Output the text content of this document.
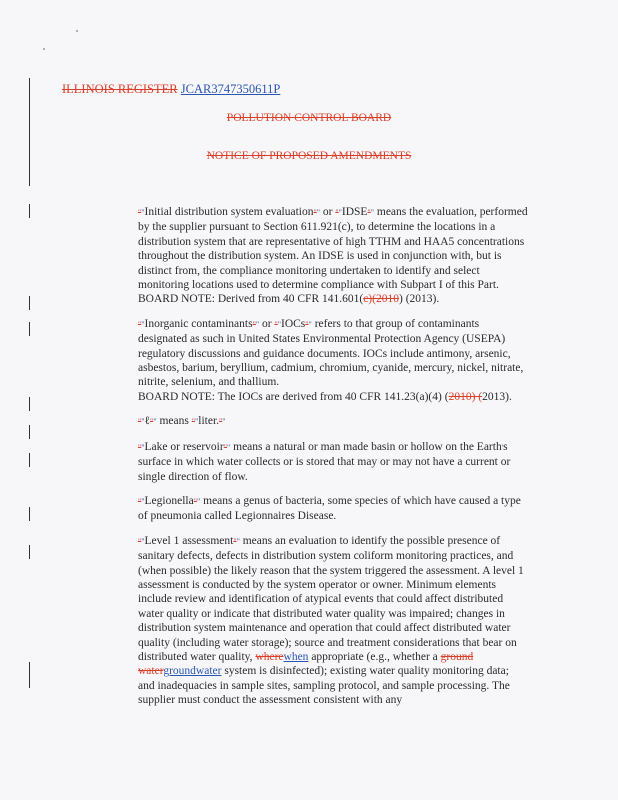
ILLINOIS REGISTER JCAR3747350611P
POLLUTION CONTROL BOARD
NOTICE OF PROPOSED AMENDMENTS

""Initial distribution system evaluation"" or ""IDSE"" means the evaluation, performed by the supplier pursuant to Section 611.921(c), to determine the locations in a distribution system that are representative of high TTHM and HAA5 concentrations throughout the distribution system. An IDSE is used in conjunction with, but is distinct from, the compliance monitoring undertaken to identify and select monitoring locations used to determine compliance with Subpart I of this Part.
BOARD NOTE: Derived from 40 CFR 141.601(c)(2010) (2013).

""Inorganic contaminants"" or ""IOCs"" refers to that group of contaminants designated as such in United States Environmental Protection Agency (USEPA) regulatory discussions and guidance documents. IOCs include antimony, arsenic, asbestos, barium, beryllium, cadmium, chromium, cyanide, mercury, nickel, nitrate, nitrite, selenium, and thallium.
BOARD NOTE: The IOCs are derived from 40 CFR 141.23(a)(4) (2010) (2013).

""ℓ"" means ""liter.""

""Lake or reservoir"" means a natural or man made basin or hollow on the Earth's surface in which water collects or is stored that may or may not have a current or single direction of flow.

""Legionella"" means a genus of bacteria, some species of which have caused a type of pneumonia called Legionnaires Disease.

""Level 1 assessment"" means an evaluation to identify the possible presence of sanitary defects, defects in distribution system coliform monitoring practices, and (when possible) the likely reason that the system triggered the assessment. A level 1 assessment is conducted by the system operator or owner. Minimum elements include review and identification of atypical events that could affect distributed water quality or indicate that distributed water quality was impaired; changes in distribution system maintenance and operation that could affect distributed water quality (including water storage); source and treatment considerations that bear on distributed water quality, wherewhen appropriate (e.g., whether a ground watergroundwater system is disinfected); existing water quality monitoring data; and inadequacies in sample sites, sampling protocol, and sample processing. The supplier must conduct the assessment consistent with any
